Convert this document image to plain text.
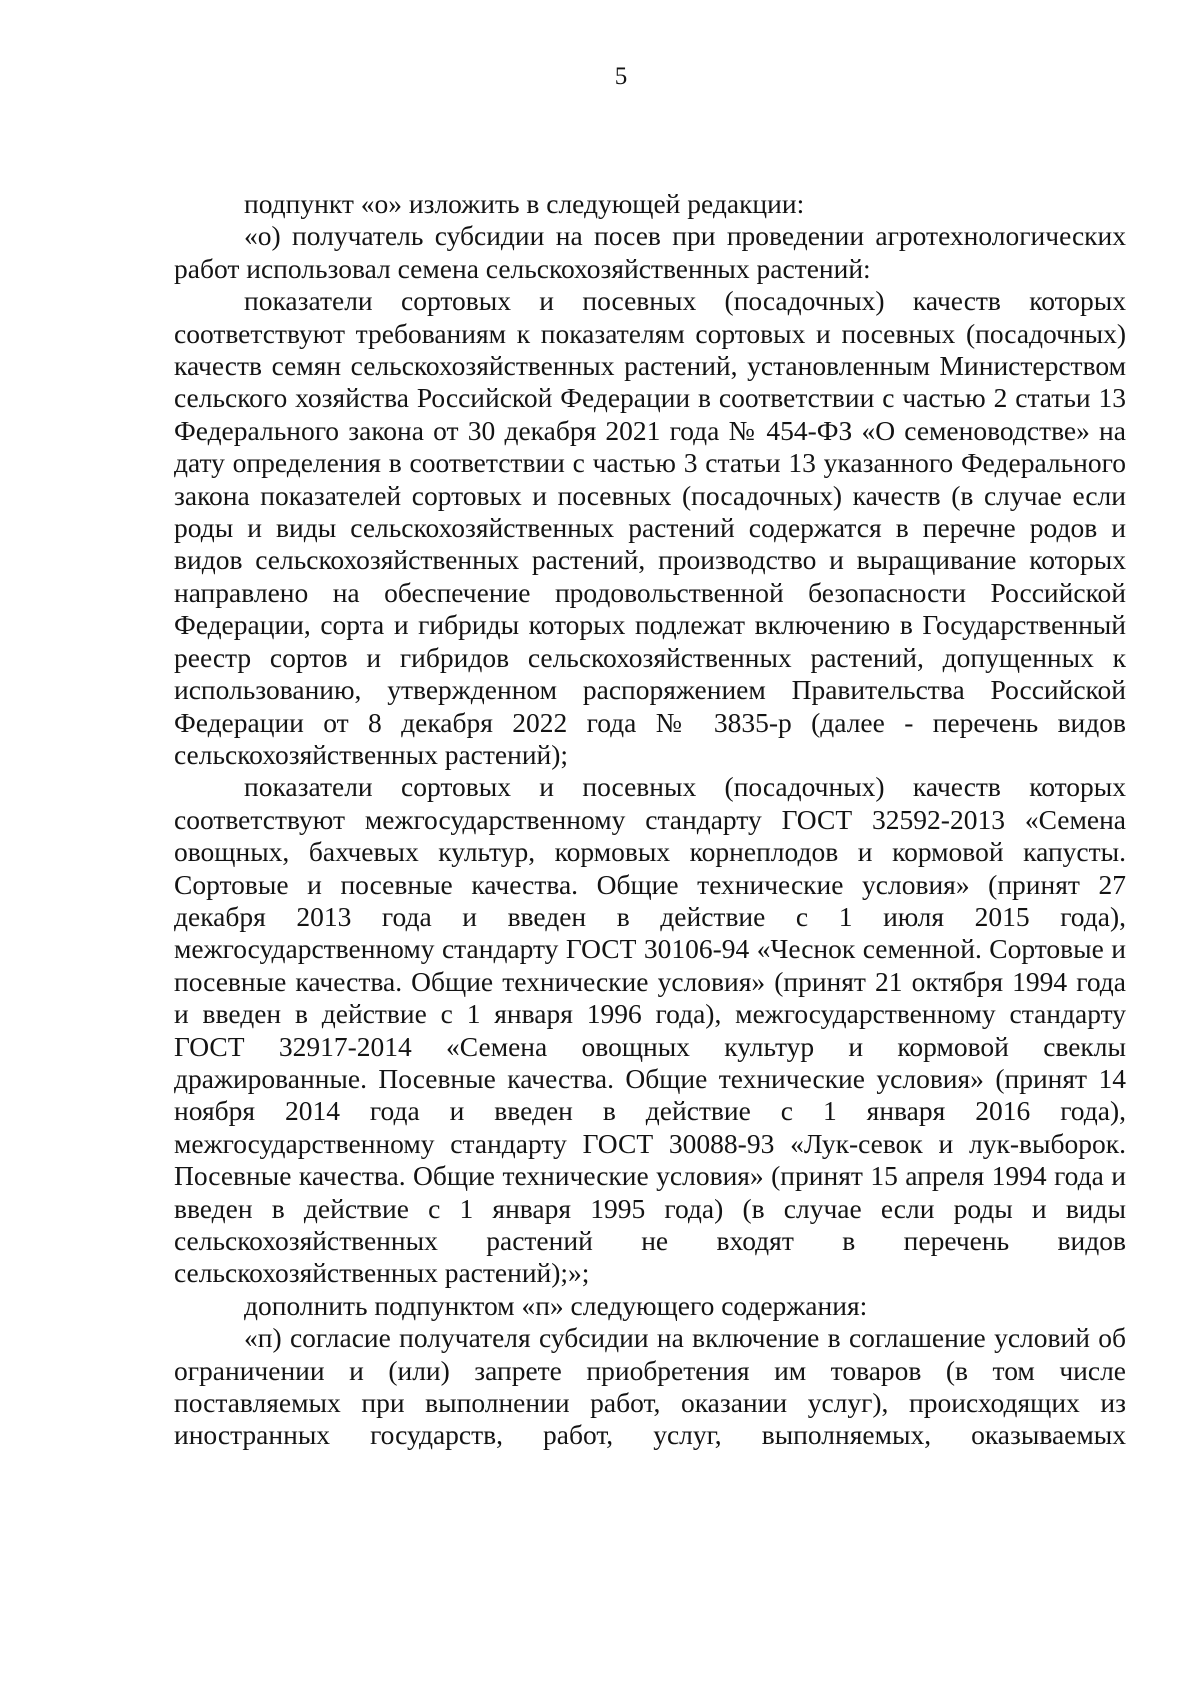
5

подпункт «о» изложить в следующей редакции:

«о) получатель субсидии на посев при проведении агротехнологических работ использовал семена сельскохозяйственных растений:

показатели сортовых и посевных (посадочных) качеств которых соответствуют требованиям к показателям сортовых и посевных (посадочных) качеств семян сельскохозяйственных растений, установленным Министерством сельского хозяйства Российской Федерации в соответствии с частью 2 статьи 13 Федерального закона от 30 декабря 2021 года № 454-ФЗ «О семеноводстве» на дату определения в соответствии с частью 3 статьи 13 указанного Федерального закона показателей сортовых и посевных (посадочных) качеств (в случае если роды и виды сельскохозяйственных растений содержатся в перечне родов и видов сельскохозяйственных растений, производство и выращивание которых направлено на обеспечение продовольственной безопасности Российской Федерации, сорта и гибриды которых подлежат включению в Государственный реестр сортов и гибридов сельскохозяйственных растений, допущенных к использованию, утвержденном распоряжением Правительства Российской Федерации от 8 декабря 2022 года № 3835-р (далее - перечень видов сельскохозяйственных растений);

показатели сортовых и посевных (посадочных) качеств которых соответствуют межгосударственному стандарту ГОСТ 32592-2013 «Семена овощных, бахчевых культур, кормовых корнеплодов и кормовой капусты. Сортовые и посевные качества. Общие технические условия» (принят 27 декабря 2013 года и введен в действие с 1 июля 2015 года), межгосударственному стандарту ГОСТ 30106-94 «Чеснок семенной. Сортовые и посевные качества. Общие технические условия» (принят 21 октября 1994 года и введен в действие с 1 января 1996 года), межгосударственному стандарту ГОСТ 32917-2014 «Семена овощных культур и кормовой свеклы дражированные. Посевные качества. Общие технические условия» (принят 14 ноября 2014 года и введен в действие с 1 января 2016 года), межгосударственному стандарту ГОСТ 30088-93 «Лук-севок и лук-выборок. Посевные качества. Общие технические условия» (принят 15 апреля 1994 года и введен в действие с 1 января 1995 года) (в случае если роды и виды сельскохозяйственных растений не входят в перечень видов сельскохозяйственных растений);»;

дополнить подпунктом «п» следующего содержания:

«п) согласие получателя субсидии на включение в соглашение условий об ограничении и (или) запрете приобретения им товаров (в том числе поставляемых при выполнении работ, оказании услуг), происходящих из иностранных государств, работ, услуг, выполняемых, оказываемых
